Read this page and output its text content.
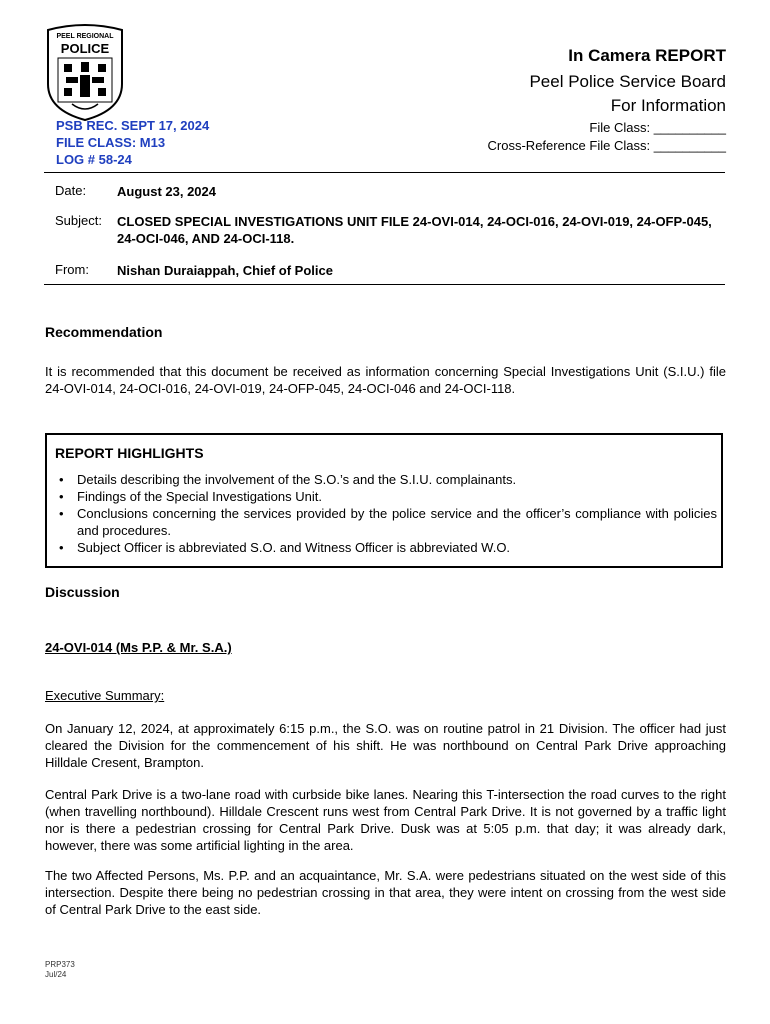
PEEL REGIONAL
POLICE	In Camera REPORT
Peel Police Service Board
For Information
File Class: __________
Cross-Reference File Class: __________
PSB REC. SEPT 17, 2024
FILE CLASS: M13
LOG # 58-24
Date: August 23, 2024
Subject: CLOSED SPECIAL INVESTIGATIONS UNIT FILE 24-OVI-014, 24-OCI-016, 24-OVI-019, 24-OFP-045, 24-OCI-046, AND 24-OCI-118.
From: Nishan Duraiappah, Chief of Police
Recommendation
It is recommended that this document be received as information concerning Special Investigations Unit (S.I.U.) file 24-OVI-014, 24-OCI-016, 24-OVI-019, 24-OFP-045, 24-OCI-046 and 24-OCI-118.
REPORT HIGHLIGHTS
• Details describing the involvement of the S.O.’s and the S.I.U. complainants.
• Findings of the Special Investigations Unit.
• Conclusions concerning the services provided by the police service and the officer’s compliance with policies and procedures.
• Subject Officer is abbreviated S.O. and Witness Officer is abbreviated W.O.
Discussion
24-OVI-014 (Ms P.P. & Mr. S.A.)
Executive Summary:
On January 12, 2024, at approximately 6:15 p.m., the S.O. was on routine patrol in 21 Division. The officer had just cleared the Division for the commencement of his shift. He was northbound on Central Park Drive approaching Hilldale Cresent, Brampton.
Central Park Drive is a two-lane road with curbside bike lanes. Nearing this T-intersection the road curves to the right (when travelling northbound). Hilldale Crescent runs west from Central Park Drive. It is not governed by a traffic light nor is there a pedestrian crossing for Central Park Drive. Dusk was at 5:05 p.m. that day; it was already dark, however, there was some artificial lighting in the area.
The two Affected Persons, Ms. P.P. and an acquaintance, Mr. S.A. were pedestrians situated on the west side of this intersection. Despite there being no pedestrian crossing in that area, they were intent on crossing from the west side of Central Park Drive to the east side.
PRP373
Jul/24
